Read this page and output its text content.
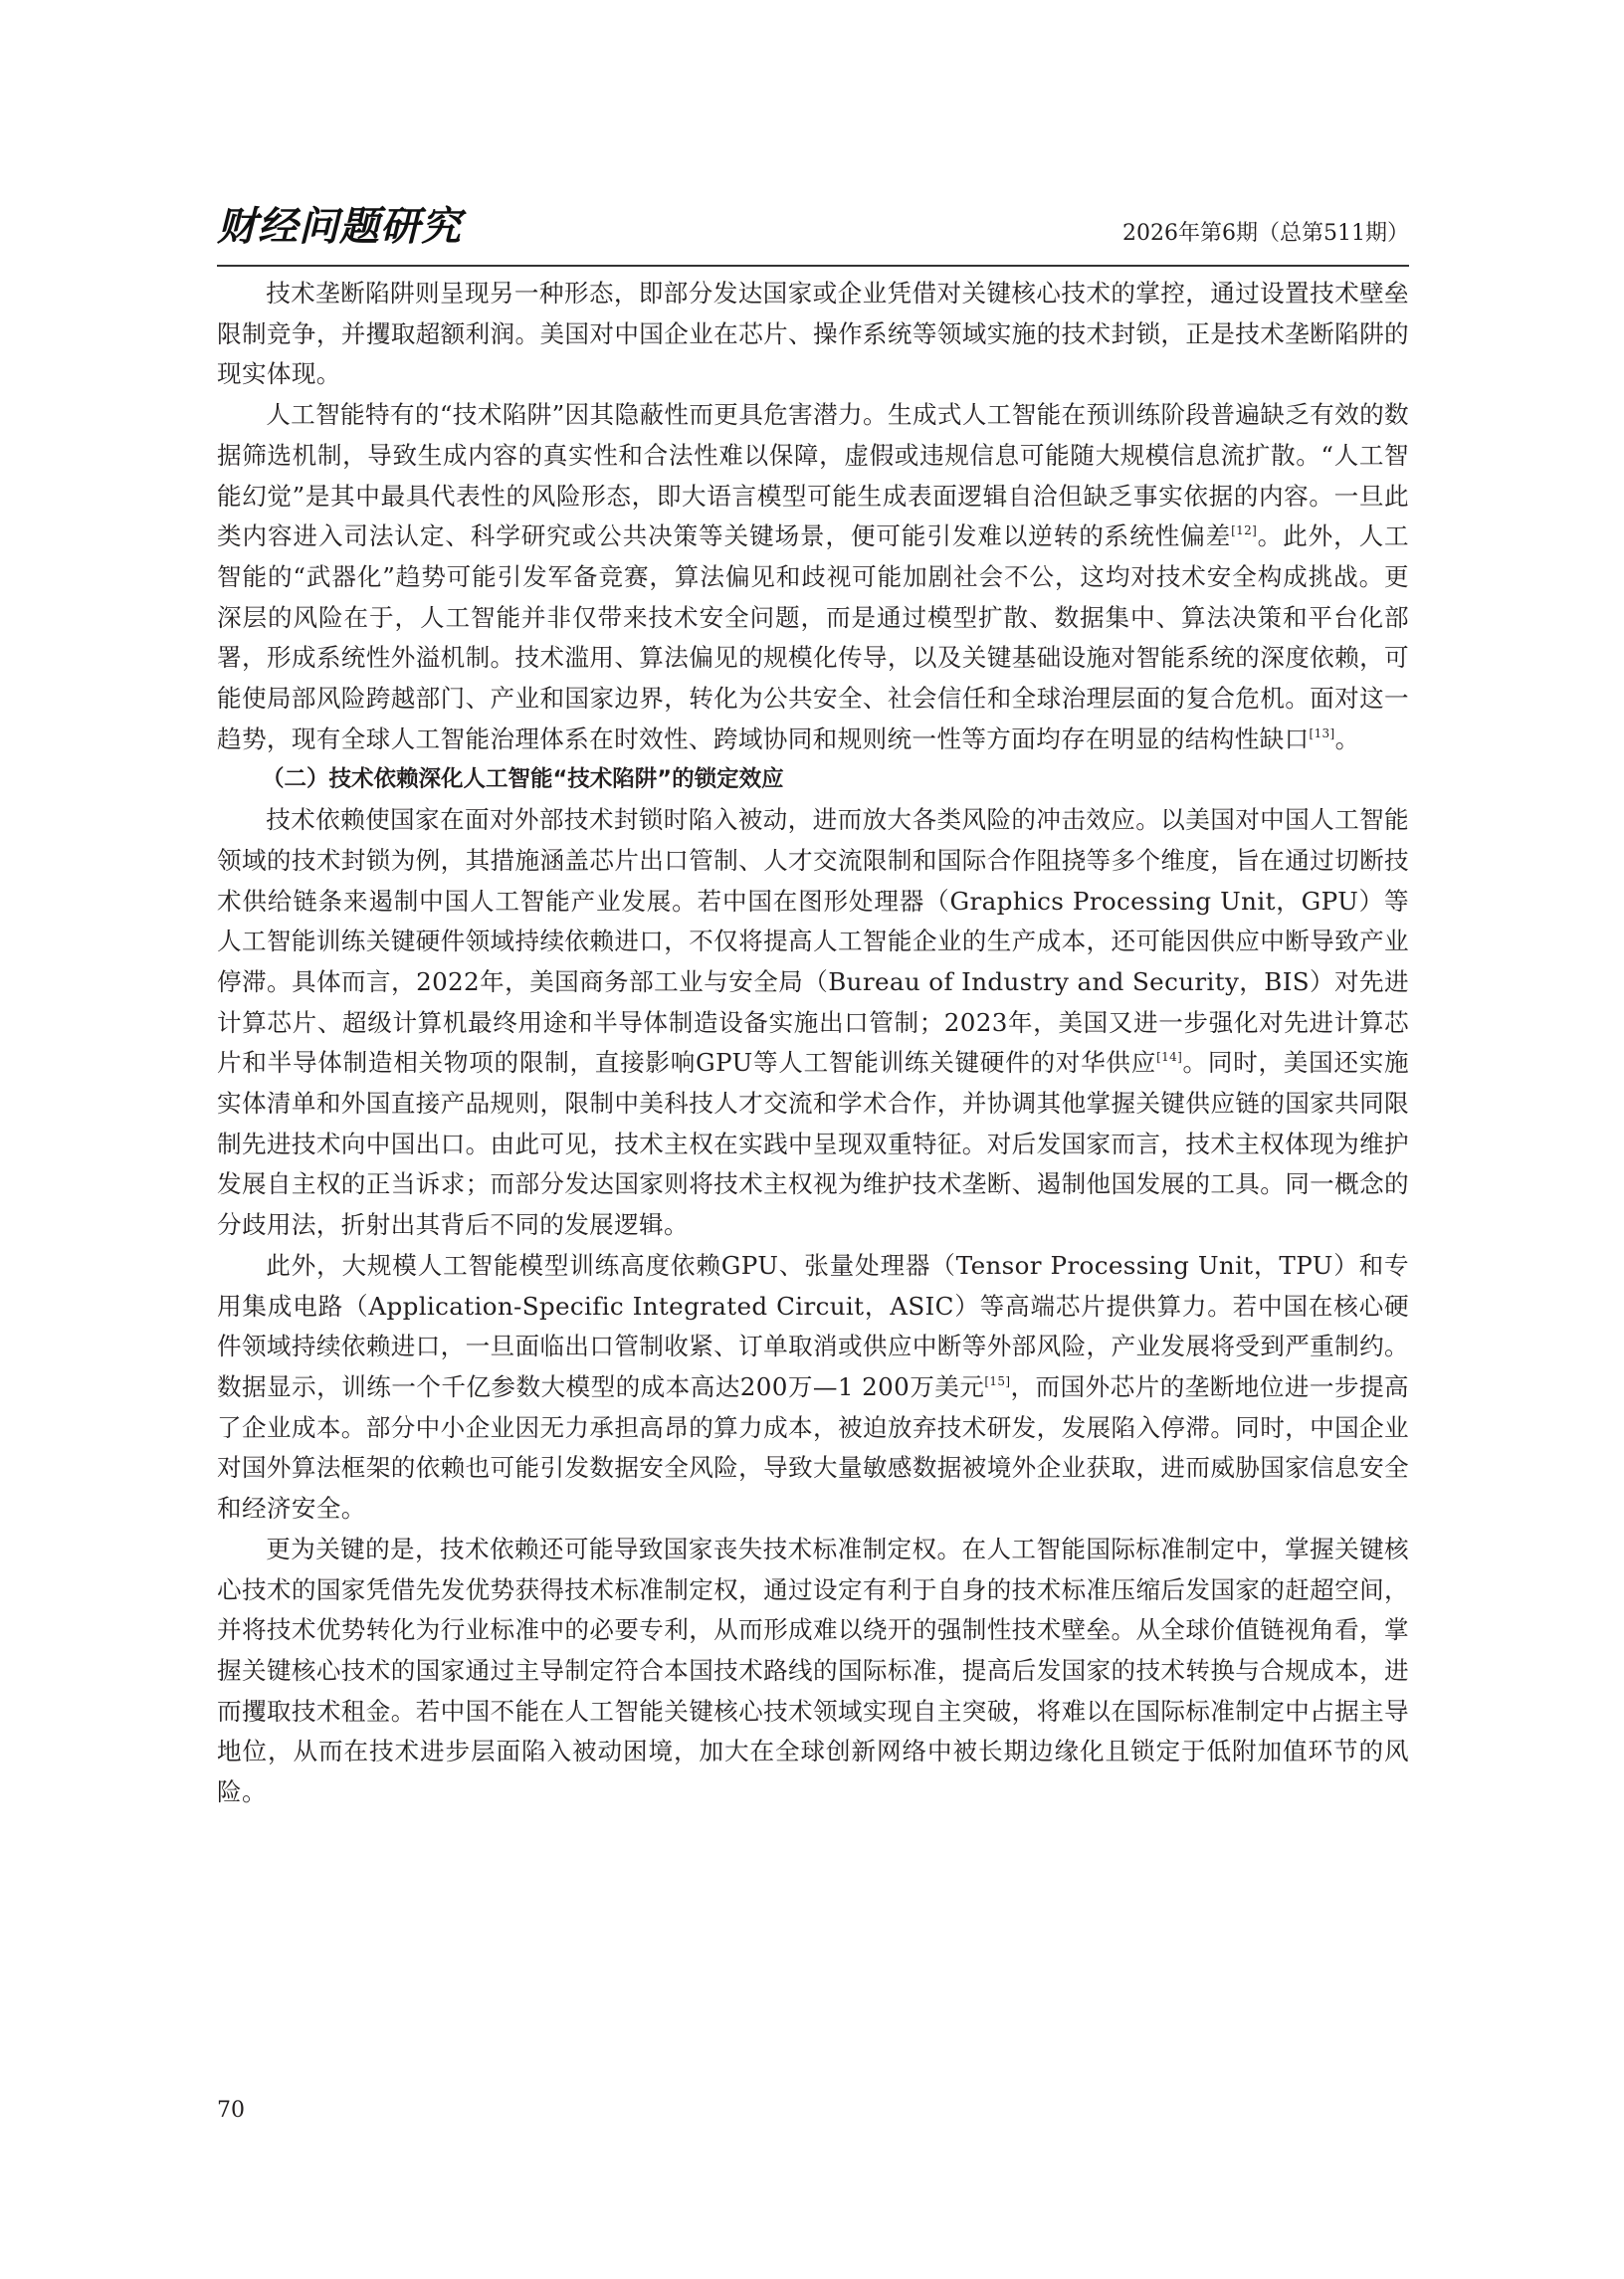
财经问题研究	2026年第6期（总第511期）

技术垄断陷阱则呈现另一种形态，即部分发达国家或企业凭借对关键核心技术的掌控，通过设置技术壁垒限制竞争，并攫取超额利润。美国对中国企业在芯片、操作系统等领域实施的技术封锁，正是技术垄断陷阱的现实体现。

人工智能特有的“技术陷阱”因其隐蔽性而更具危害潜力。生成式人工智能在预训练阶段普遍缺乏有效的数据筛选机制，导致生成内容的真实性和合法性难以保障，虚假或违规信息可能随大规模信息流扩散。“人工智能幻觉”是其中最具代表性的风险形态，即大语言模型可能生成表面逻辑自洽但缺乏事实依据的内容。一旦此类内容进入司法认定、科学研究或公共决策等关键场景，便可能引发难以逆转的系统性偏差[12]。此外，人工智能的“武器化”趋势可能引发军备竞赛，算法偏见和歧视可能加剧社会不公，这均对技术安全构成挑战。更深层的风险在于，人工智能并非仅带来技术安全问题，而是通过模型扩散、数据集中、算法决策和平台化部署，形成系统性外溢机制。技术滥用、算法偏见的规模化传导，以及关键基础设施对智能系统的深度依赖，可能使局部风险跨越部门、产业和国家边界，转化为公共安全、社会信任和全球治理层面的复合危机。面对这一趋势，现有全球人工智能治理体系在时效性、跨域协同和规则统一性等方面均存在明显的结构性缺口[13]。

（二）技术依赖深化人工智能“技术陷阱”的锁定效应

技术依赖使国家在面对外部技术封锁时陷入被动，进而放大各类风险的冲击效应。以美国对中国人工智能领域的技术封锁为例，其措施涵盖芯片出口管制、人才交流限制和国际合作阻挠等多个维度，旨在通过切断技术供给链条来遏制中国人工智能产业发展。若中国在图形处理器（Graphics Processing Unit，GPU）等人工智能训练关键硬件领域持续依赖进口，不仅将提高人工智能企业的生产成本，还可能因供应中断导致产业停滞。具体而言，2022年，美国商务部工业与安全局（Bureau of Industry and Security，BIS）对先进计算芯片、超级计算机最终用途和半导体制造设备实施出口管制；2023年，美国又进一步强化对先进计算芯片和半导体制造相关物项的限制，直接影响GPU等人工智能训练关键硬件的对华供应[14]。同时，美国还实施实体清单和外国直接产品规则，限制中美科技人才交流和学术合作，并协调其他掌握关键供应链的国家共同限制先进技术向中国出口。由此可见，技术主权在实践中呈现双重特征。对后发国家而言，技术主权体现为维护发展自主权的正当诉求；而部分发达国家则将技术主权视为维护技术垄断、遏制他国发展的工具。同一概念的分歧用法，折射出其背后不同的发展逻辑。

此外，大规模人工智能模型训练高度依赖GPU、张量处理器（Tensor Processing Unit，TPU）和专用集成电路（Application-Specific Integrated Circuit，ASIC）等高端芯片提供算力。若中国在核心硬件领域持续依赖进口，一旦面临出口管制收紧、订单取消或供应中断等外部风险，产业发展将受到严重制约。数据显示，训练一个千亿参数大模型的成本高达200万—1 200万美元[15]，而国外芯片的垄断地位进一步提高了企业成本。部分中小企业因无力承担高昂的算力成本，被迫放弃技术研发，发展陷入停滞。同时，中国企业对国外算法框架的依赖也可能引发数据安全风险，导致大量敏感数据被境外企业获取，进而威胁国家信息安全和经济安全。

更为关键的是，技术依赖还可能导致国家丧失技术标准制定权。在人工智能国际标准制定中，掌握关键核心技术的国家凭借先发优势获得技术标准制定权，通过设定有利于自身的技术标准压缩后发国家的赶超空间，并将技术优势转化为行业标准中的必要专利，从而形成难以绕开的强制性技术壁垒。从全球价值链视角看，掌握关键核心技术的国家通过主导制定符合本国技术路线的国际标准，提高后发国家的技术转换与合规成本，进而攫取技术租金。若中国不能在人工智能关键核心技术领域实现自主突破，将难以在国际标准制定中占据主导地位，从而在技术进步层面陷入被动困境，加大在全球创新网络中被长期边缘化且锁定于低附加值环节的风险。

70
